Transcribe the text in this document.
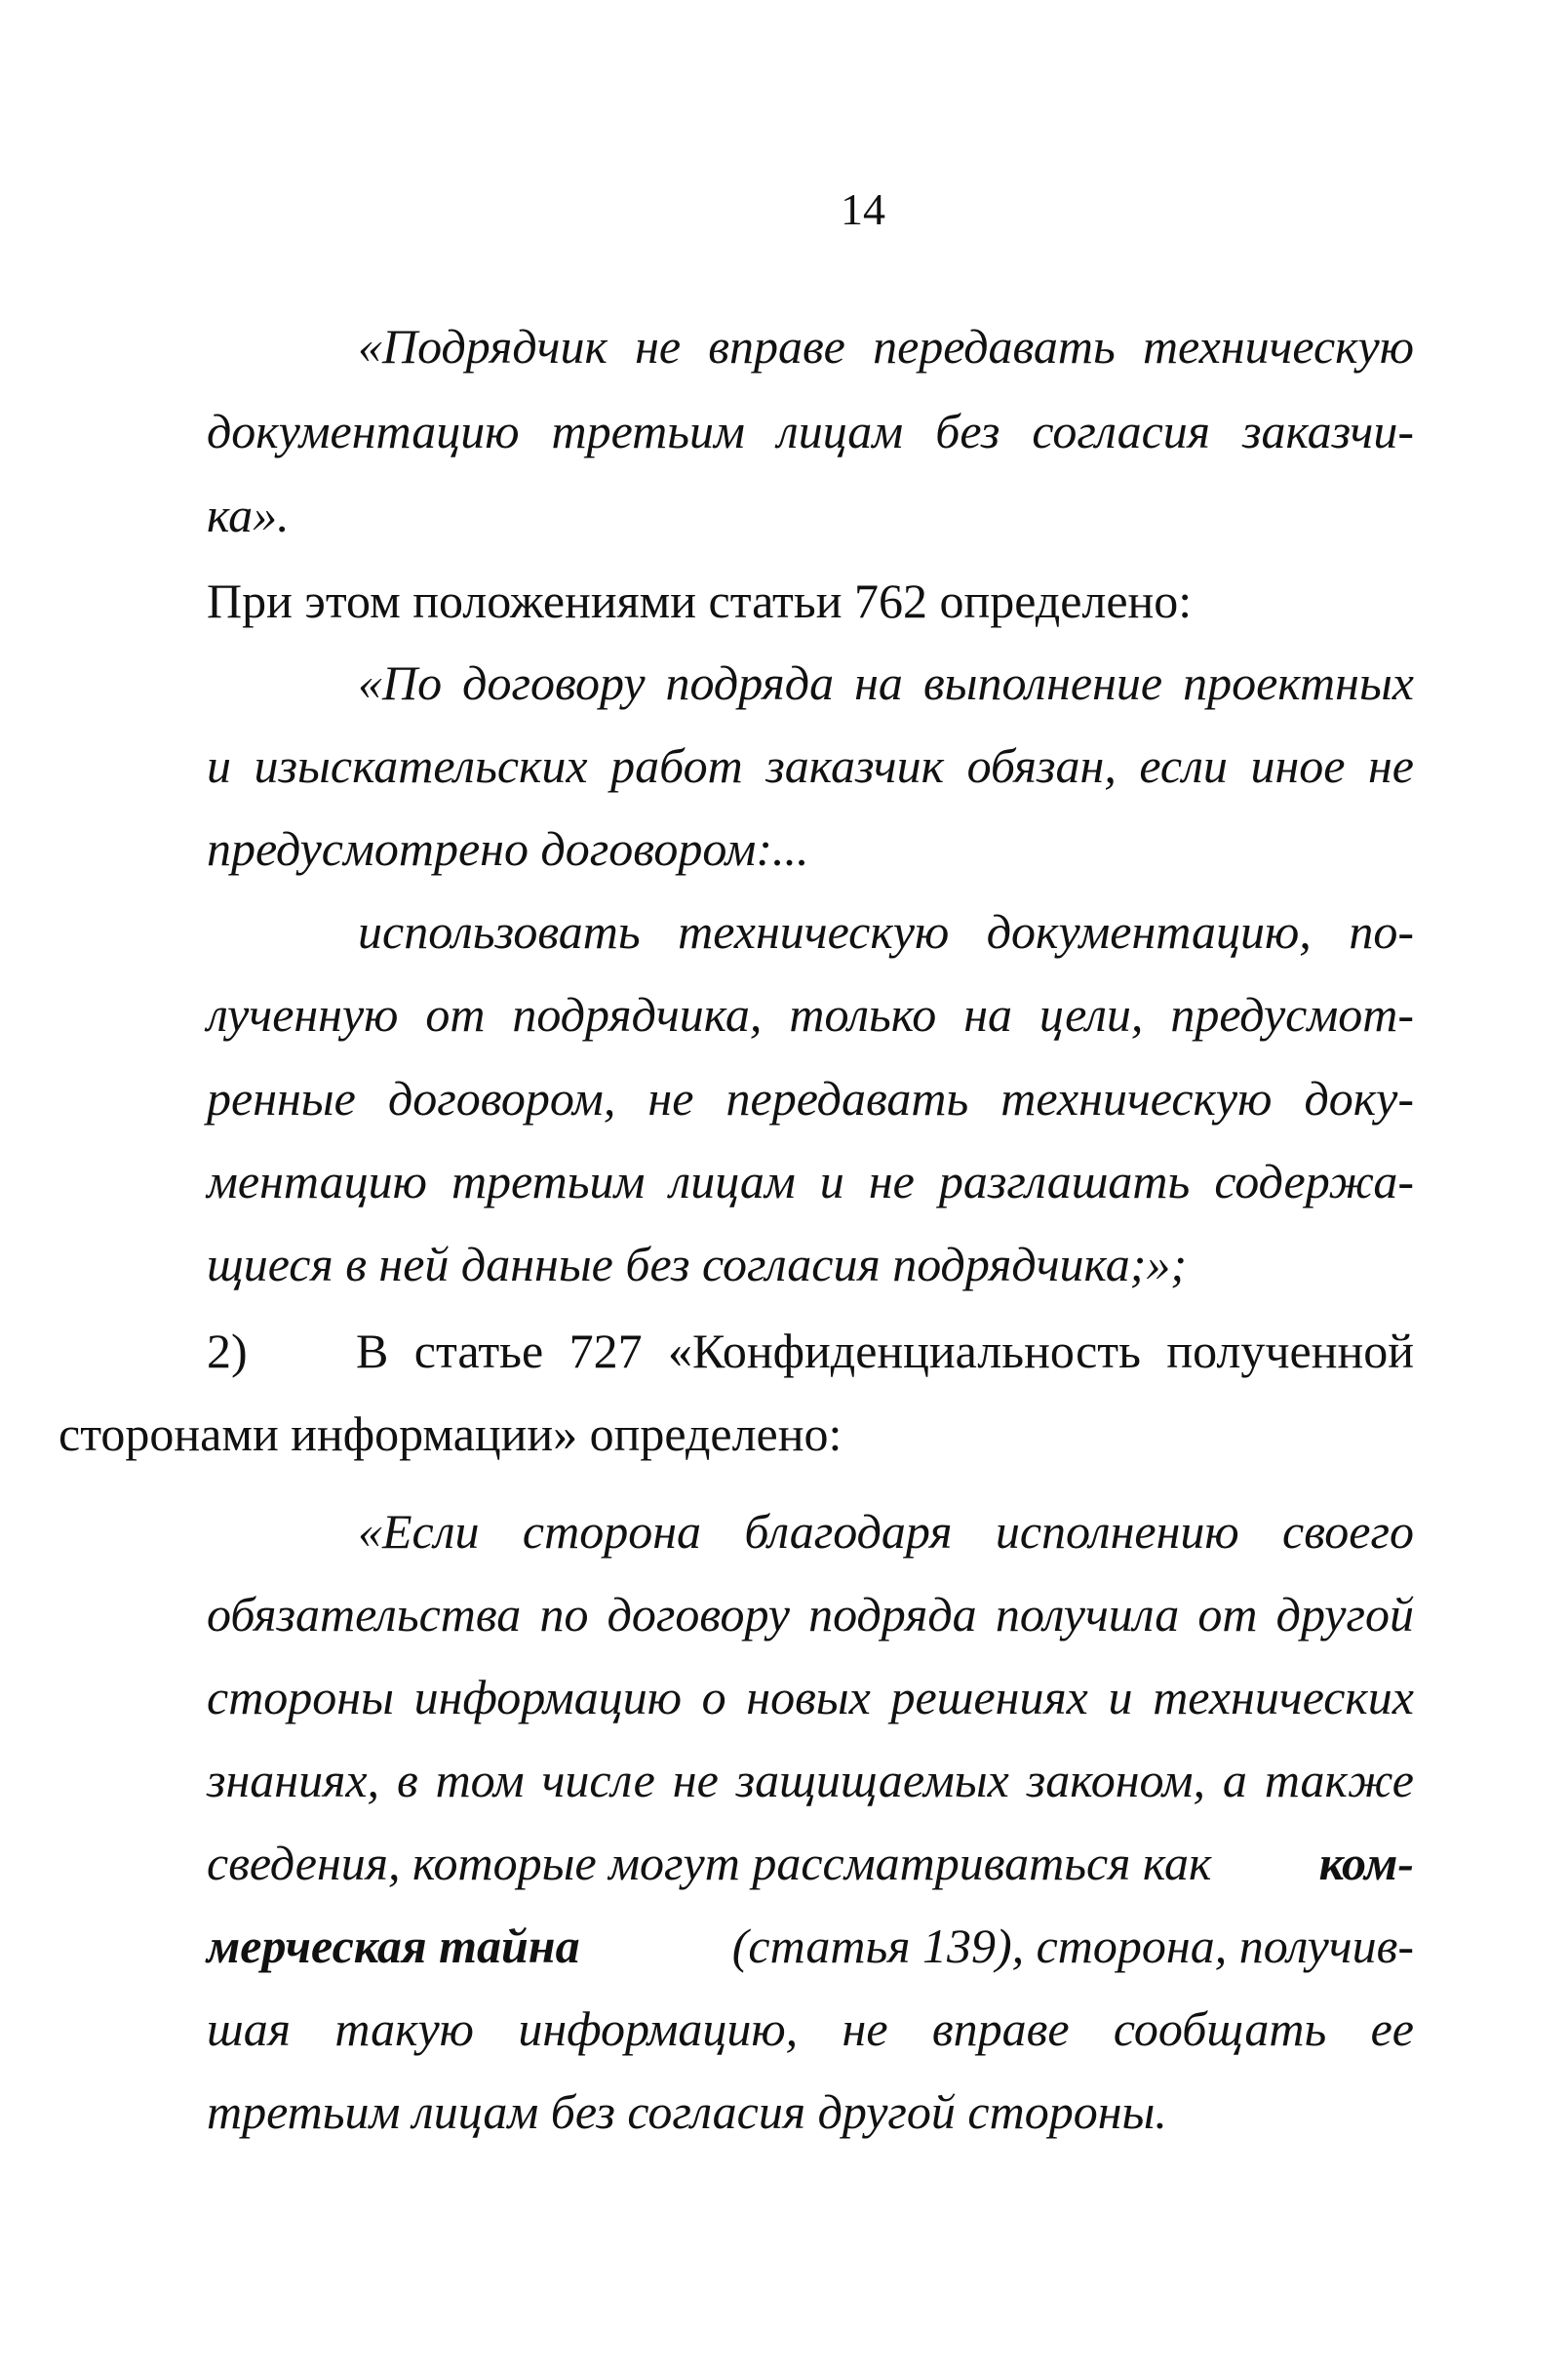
14
«Подрядчик не вправе передавать техническую
документацию третьим лицам без согласия заказчи-
ка».
При этом положениями статьи 762 определено:
«По договору подряда на выполнение проектных
и изыскательских работ заказчик обязан, если иное не
предусмотрено договором:...
использовать техническую документацию, по-
лученную от подрядчика, только на цели, предусмот-
ренные договором, не передавать техническую доку-
ментацию третьим лицам и не разглашать содержа-
щиеся в ней данные без согласия подрядчика;»;
2) В статье 727 «Конфиденциальность полученной
сторонами информации» определено:
«Если сторона благодаря исполнению своего
обязательства по договору подряда получила от другой
стороны информацию о новых решениях и технических
знаниях, в том числе не защищаемых законом, а также
сведения, которые могут рассматриваться как ком-
мерческая тайна	(статья 139), сторона, получив-
шая такую информацию, не вправе сообщать ее
третьим лицам без согласия другой стороны.
